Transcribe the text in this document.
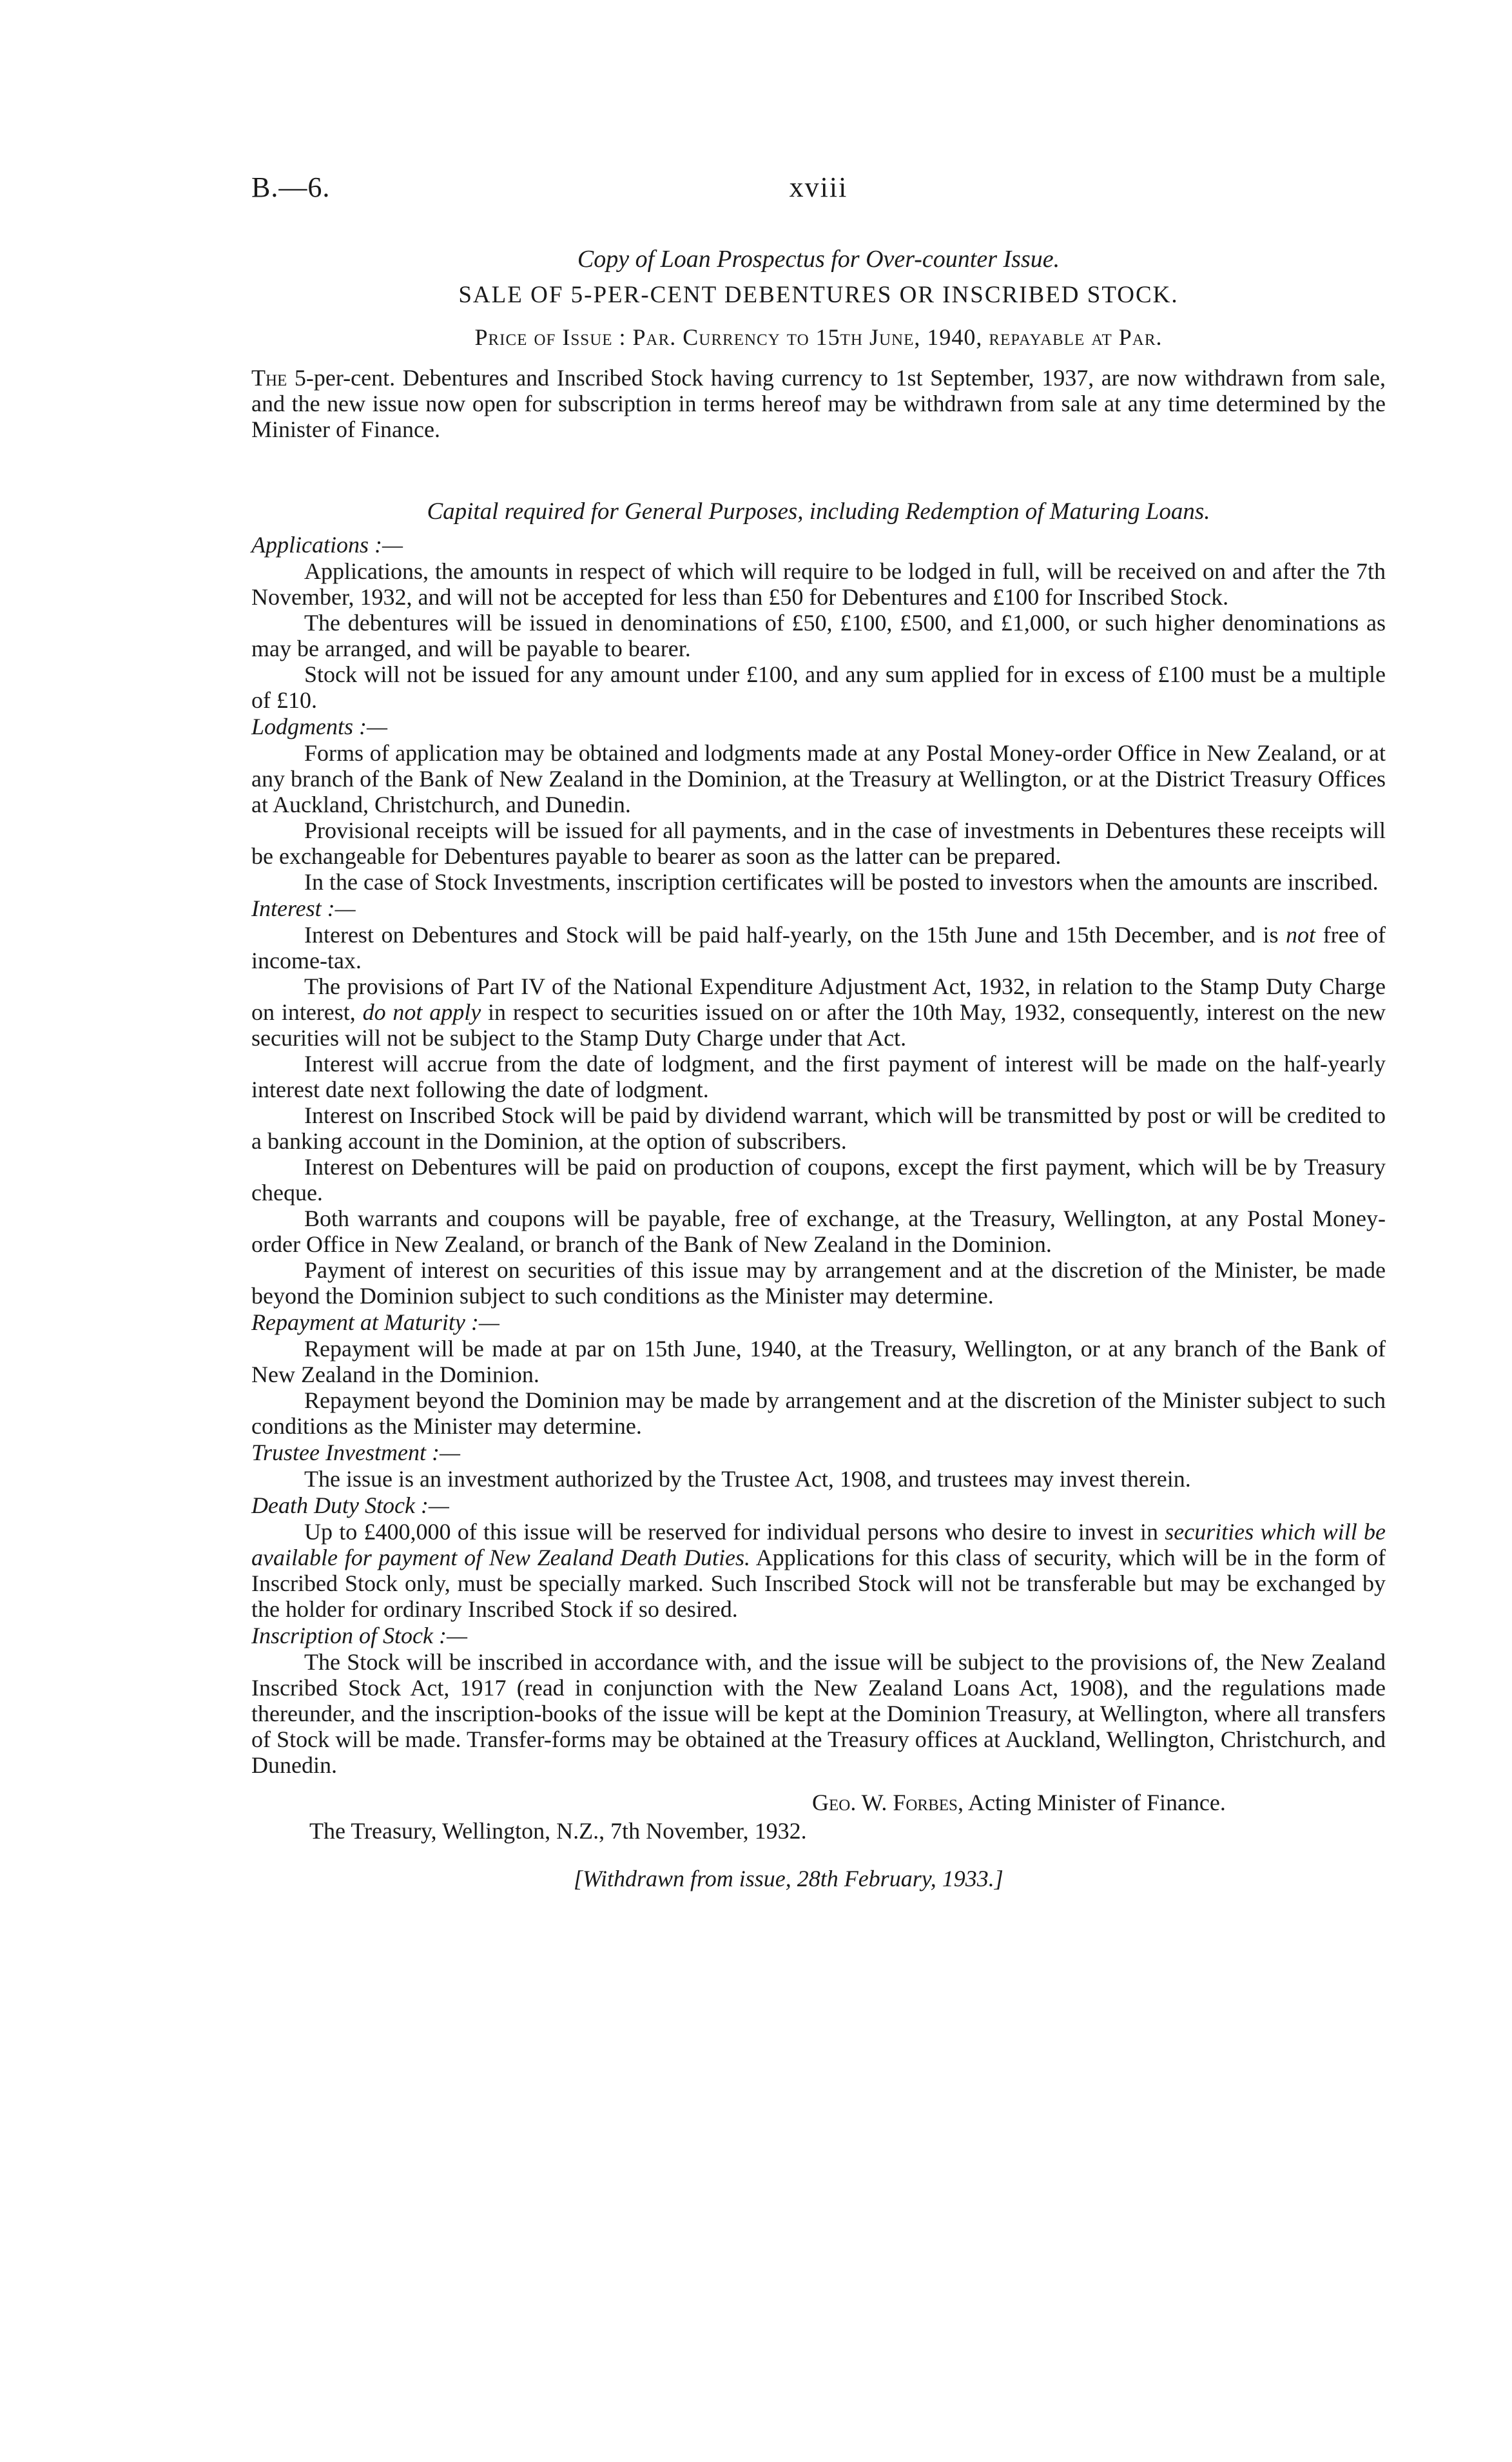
B.—6.	xviii

Copy of Loan Prospectus for Over-counter Issue.

SALE OF 5-PER-CENT DEBENTURES OR INSCRIBED STOCK.

Price of Issue : Par. Currency to 15th June, 1940, repayable at Par.

The 5-per-cent. Debentures and Inscribed Stock having currency to 1st September, 1937, are now withdrawn from sale, and the new issue now open for subscription in terms hereof may be withdrawn from sale at any time determined by the Minister of Finance.

Capital required for General Purposes, including Redemption of Maturing Loans.

Applications :—

Applications, the amounts in respect of which will require to be lodged in full, will be received on and after the 7th November, 1932, and will not be accepted for less than £50 for Debentures and £100 for Inscribed Stock.

The debentures will be issued in denominations of £50, £100, £500, and £1,000, or such higher denominations as may be arranged, and will be payable to bearer.

Stock will not be issued for any amount under £100, and any sum applied for in excess of £100 must be a multiple of £10.

Lodgments :—

Forms of application may be obtained and lodgments made at any Postal Money-order Office in New Zealand, or at any branch of the Bank of New Zealand in the Dominion, at the Treasury at Wellington, or at the District Treasury Offices at Auckland, Christchurch, and Dunedin.

Provisional receipts will be issued for all payments, and in the case of investments in Debentures these receipts will be exchangeable for Debentures payable to bearer as soon as the latter can be prepared.

In the case of Stock Investments, inscription certificates will be posted to investors when the amounts are inscribed.

Interest :—

Interest on Debentures and Stock will be paid half-yearly, on the 15th June and 15th December, and is not free of income-tax.

The provisions of Part IV of the National Expenditure Adjustment Act, 1932, in relation to the Stamp Duty Charge on interest, do not apply in respect to securities issued on or after the 10th May, 1932, consequently, interest on the new securities will not be subject to the Stamp Duty Charge under that Act.

Interest will accrue from the date of lodgment, and the first payment of interest will be made on the half-yearly interest date next following the date of lodgment.

Interest on Inscribed Stock will be paid by dividend warrant, which will be transmitted by post or will be credited to a banking account in the Dominion, at the option of subscribers.

Interest on Debentures will be paid on production of coupons, except the first payment, which will be by Treasury cheque.

Both warrants and coupons will be payable, free of exchange, at the Treasury, Wellington, at any Postal Money-order Office in New Zealand, or branch of the Bank of New Zealand in the Dominion.

Payment of interest on securities of this issue may by arrangement and at the discretion of the Minister, be made beyond the Dominion subject to such conditions as the Minister may determine.

Repayment at Maturity :—

Repayment will be made at par on 15th June, 1940, at the Treasury, Wellington, or at any branch of the Bank of New Zealand in the Dominion.

Repayment beyond the Dominion may be made by arrangement and at the discretion of the Minister subject to such conditions as the Minister may determine.

Trustee Investment :—

The issue is an investment authorized by the Trustee Act, 1908, and trustees may invest therein.

Death Duty Stock :—

Up to £400,000 of this issue will be reserved for individual persons who desire to invest in securities which will be available for payment of New Zealand Death Duties. Applications for this class of security, which will be in the form of Inscribed Stock only, must be specially marked. Such Inscribed Stock will not be transferable but may be exchanged by the holder for ordinary Inscribed Stock if so desired.

Inscription of Stock :—

The Stock will be inscribed in accordance with, and the issue will be subject to the provisions of, the New Zealand Inscribed Stock Act, 1917 (read in conjunction with the New Zealand Loans Act, 1908), and the regulations made thereunder, and the inscription-books of the issue will be kept at the Dominion Treasury, at Wellington, where all transfers of Stock will be made. Transfer-forms may be obtained at the Treasury offices at Auckland, Wellington, Christchurch, and Dunedin.

Geo. W. Forbes, Acting Minister of Finance.

The Treasury, Wellington, N.Z., 7th November, 1932.

[Withdrawn from issue, 28th February, 1933.]
